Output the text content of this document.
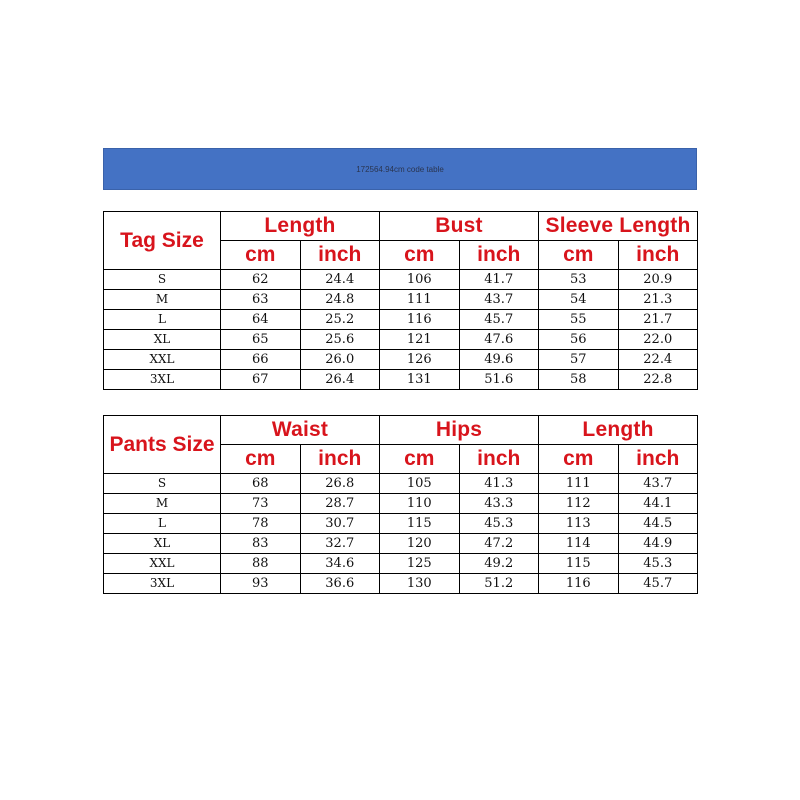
172564.94cm code table
Tag Size	Length		Bust		Sleeve Length	
	cm	inch	cm	inch	cm	inch
S	62	24.4	106	41.7	53	20.9
M	63	24.8	111	43.7	54	21.3
L	64	25.2	116	45.7	55	21.7
XL	65	25.6	121	47.6	56	22.0
XXL	66	26.0	126	49.6	57	22.4
3XL	67	26.4	131	51.6	58	22.8
Pants Size	Waist		Hips		Length	
	cm	inch	cm	inch	cm	inch
S	68	26.8	105	41.3	111	43.7
M	73	28.7	110	43.3	112	44.1
L	78	30.7	115	45.3	113	44.5
XL	83	32.7	120	47.2	114	44.9
XXL	88	34.6	125	49.2	115	45.3
3XL	93	36.6	130	51.2	116	45.7
